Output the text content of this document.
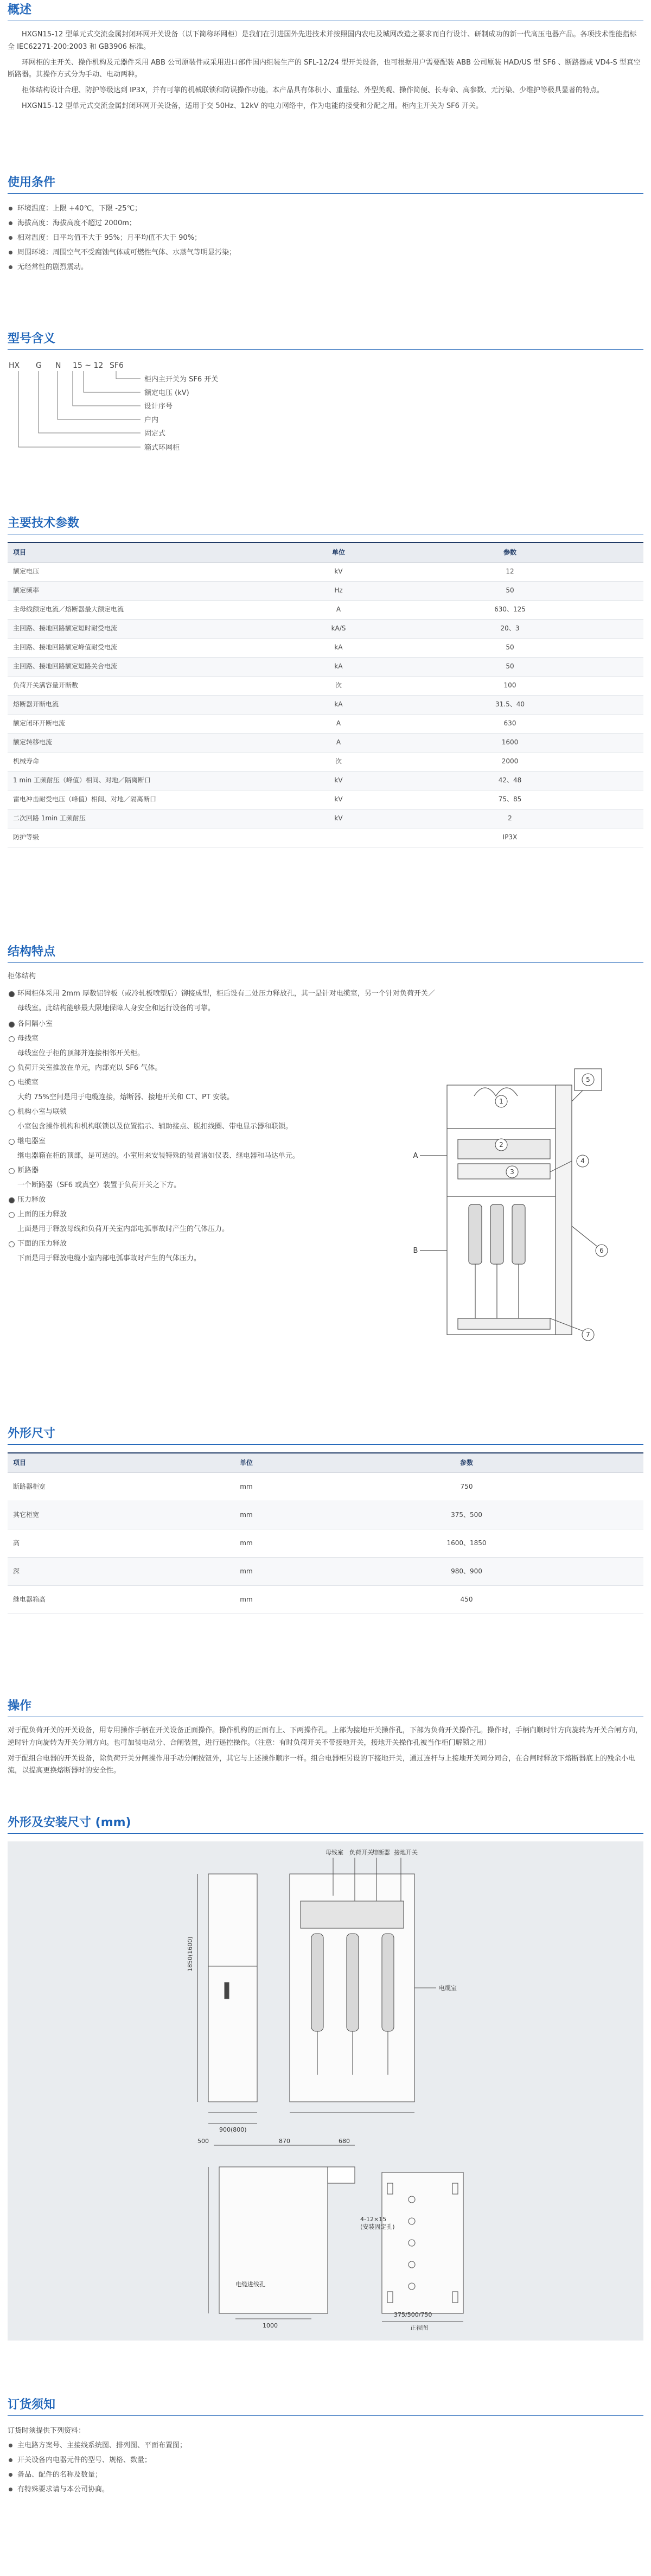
概述

HXGN15-12 型单元式交流金属封闭环网开关设备（以下简称环网柜）是我们在引进国外先进技术并按照国内农电及城网改造之要求而自行设计、研制成功的新一代高压电器产品。各项技术性能指标全 IEC62271-200:2003 和 GB3906 标准。

环网柜的主开关、操作机构及元器件采用 ABB 公司原装件或采用进口部件国内组装生产的 SFL-12/24 型开关设备，也可根据用户需要配装 ABB 公司原装 HAD/US 型 SF6 、断路器或 VD4-S 型真空断路器。其操作方式分为手动、电动两种。

柜体结构设计合理、防护等级达到 IP3X，并有可靠的机械联锁和防误操作功能。本产品具有体积小、重量轻、外型美观、操作简便、长寿命、高参数、无污染、少维护等极具显著的特点。

HXGN15-12 型单元式交流金属封闭环网开关设备，适用于交 50Hz、12kV 的电力网络中，作为电能的接受和分配之用。柜内主开关为 SF6 开关。

使用条件
环境温度：上限 +40℃，下限 -25℃；
海拔高度：海拔高度不超过 2000m；
相对温度：日平均值不大于 95%；月平均值不大于 90%；
周围环境：周围空气不受腐蚀气体或可燃性气体、水蒸气等明显污染；
无经常性的剧烈震动。
型号含义
HX G N 15 ~ 12 SF6
柜内主开关为 SF6 开关
额定电压 (kV)
设计序号
户内
固定式
箱式环网柜
主要技术参数
项目	单位	参数
额定电压	kV	12
额定频率	Hz	50
主母线额定电流／熔断器最大额定电流	A	630、125
主回路、接地回路额定短时耐受电流	kA/S	20、3
主回路、接地回路额定峰值耐受电流	kA	50
主回路、接地回路额定短路关合电流	kA	50
负荷开关满容量开断数	次	100
熔断器开断电流	kA	31.5、40
额定闭环开断电流	A	630
额定转移电流	A	1600
机械寿命	次	2000
1 min 工频耐压（峰值）相间、对地／隔离断口	kV	42、48
雷电冲击耐受电压（峰值）相间、对地／隔离断口	kV	75、85
二次回路 1min 工频耐压	kV	2
防护等级		IP3X
结构特点
柜体结构
环网柜体采用 2mm 厚数铝锌板（或冷轧板喷塑后）铆接成型，柜后设有二处压力释放孔，其一是针对电缆室，另一个针对负荷开关／母线室。此结构能够最大限地保障人身安全和运行设备的可靠。
各间隔小室
母线室
母线室位于柜的顶部并连接相邻开关柜。
负荷开关室推放在单元，内部充以 SF6 气体。
电缆室
大约 75%空间是用于电缆连接，熔断器、接地开关和 CT、PT 安装。
机构小室与联锁
小室包含操作机构和机构联锁以及位置指示、辅助接点、脱扣线圈、带电显示器和联锁。
继电器室
继电器箱在柜的顶部，是可选的。小室用来安装特殊的装置诸如仪表、继电器和马达单元。
断路器
一个断路器（SF6 或真空）装置于负荷开关之下方。
压力释放
上面的压力释放
上面是用于释放母线和负荷开关室内部电弧事故时产生的气体压力。
下面的压力释放
下面是用于释放电缆小室内部电弧事故时产生的气体压力。
1
2
3
4
5
6
7
A
B
外形尺寸
项目	单位	参数
断路器柜宽	mm	750
其它柜宽	mm	375、500
高	mm	1600、1850
深	mm	980、900
继电器箱高	mm	450
操作

对于配负荷开关的开关设备，用专用操作手柄在开关设备正面操作。操作机构的正面有上、下两操作孔。上部为接地开关操作孔，下部为负荷开关操作孔。操作时，手柄向顺时针方向旋转为开关合闸方向，逆时针方向旋转为开关分闸方向。也可加装电动分、合闸装置，进行遥控操作。（注意：有时负荷开关不带接地开关，接地开关操作孔被当作柜门解锁之用）

对于配组合电器的开关设备，除负荷开关分闸操作用手动分闸按钮外，其它与上述操作顺序一样。组合电器柜另设的下接地开关，通过连杆与上接地开关同分同合，在合闸时释放下熔断器底上的残余小电流，以提高更换熔断器时的安全性。

外形及安装尺寸 (mm)
母线室 负荷开关
熔断器 接地开关
电缆室
500	870	680
1850(1600)
900(800)
4-12×15
(安装固定孔)
正视图
电缆进线孔
375/500/750
1000
订货须知
订货时须提供下列资料：
主电路方案号、主接线系统图、排列图、平面布置图；
开关设备内电器元件的型号、规格、数量；
备品、配件的名称及数量；
有特殊要求请与本公司协商。
